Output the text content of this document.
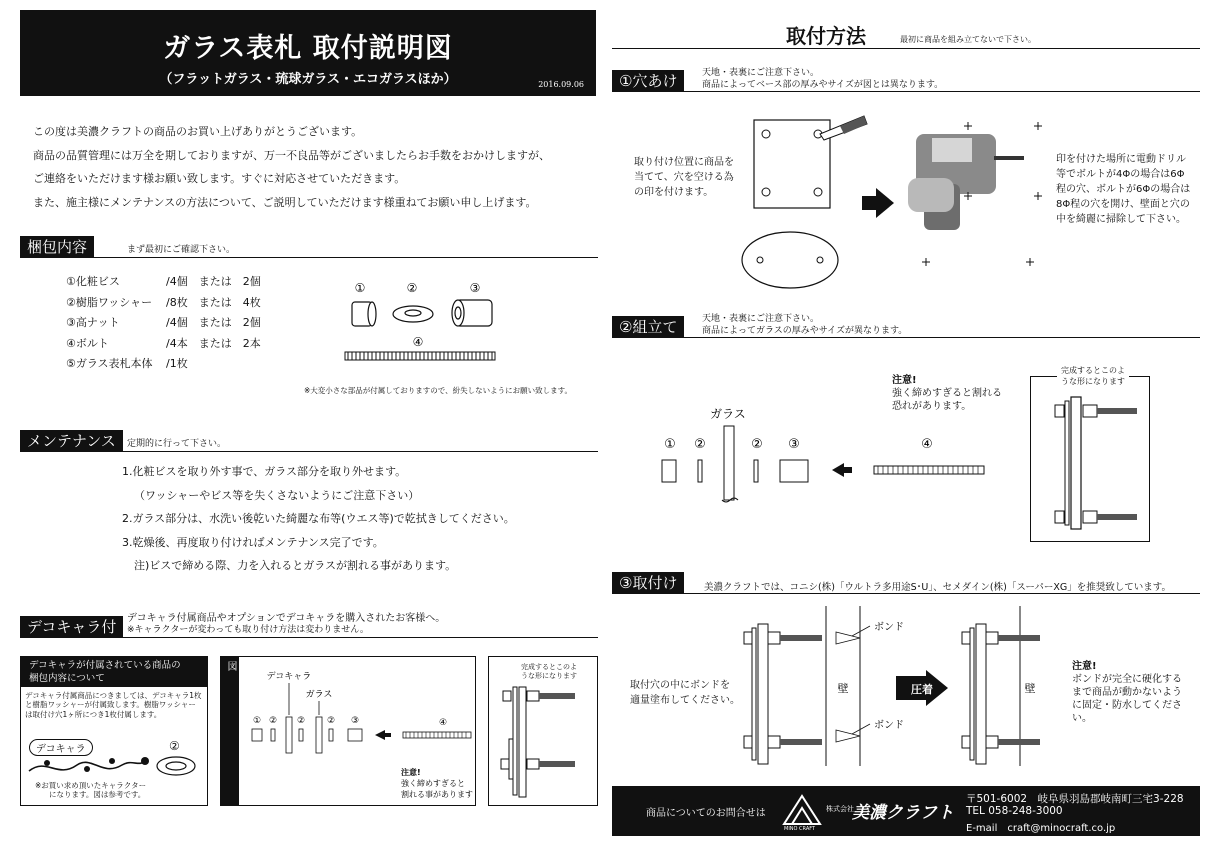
ガラス表札 取付説明図
（フラットガラス・琉球ガラス・エコガラスほか）	2016.09.06
この度は美濃クラフトの商品のお買い上げありがとうございます。
商品の品質管理には万全を期しておりますが、万一不良品等がございましたらお手数をおかけしますが、
ご連絡をいただけます様お願い致します。すぐに対応させていただきます。
また、施主様にメンテナンスの方法について、ご説明していただけます様重ねてお願い申し上げます。
梱包内容	まず最初にご確認下さい。
①化粧ビス	/4個　または　2個
②樹脂ワッシャー /8枚　または　4枚
③高ナット	/4個　または　2個
④ボルト	/4本　または　2本
⑤ガラス表札本体 /1枚
①	②	③
④
※大変小さな部品が付属しておりますので、紛失しないようにお願い致します。
メンテナンス	定期的に行って下さい。
1.化粧ビスを取り外す事で、ガラス部分を取り外せます。
（ワッシャーやビス等を失くさないようにご注意下さい）
2.ガラス部分は、水洗い後乾いた綺麗な布等(ウエス等)で乾拭きしてください。
3.乾燥後、再度取り付ければメンテナンス完了です。
注)ビスで締める際、力を入れるとガラスが割れる事があります。
デコキャラ付	デコキャラ付属商品やオプションでデコキャラを購入されたお客様へ。
※キャラクターが変わっても取り付け方法は変わりません。
デコキャラが付属されている商品の
梱包内容について
デコキャラ付属商品につきましては、デコキャラ1枚
と樹脂ワッシャーが付属致します。樹脂ワッシャー
は取付け穴1ヶ所につき1枚付属します。
デコキャラ	②
※お買い求め頂いたキャラクター
になります。図は参考です。	デコキャラ付タイプの組み立て図
デコキャラ
ガラス
① ② ② ② ③	④
注意!
強く締めすぎると
割れる事があります
完成するとこのよ
うな形になります
取付方法	最初に商品を組み立てないで下さい。
①穴あけ	天地・表裏にご注意下さい。
商品によってベース部の厚みやサイズが図とは異なります。
取り付け位置に商品を
当てて、穴を空ける為
の印を付けます。
印を付けた場所に電動ドリル
等でボルトが4Φの場合は6Φ
程の穴、ボルトが6Φの場合は
8Φ程の穴を開け、壁面と穴の
中を綺麗に掃除して下さい。
②組立て	天地・表裏にご注意下さい。
商品によってガラスの厚みやサイズが異なります。
注意!
強く締めすぎると割れる
恐れがあります。
ガラス
① ②	② ③	④
完成するとこのよ
うな形になります
③取付け	美濃クラフトでは、コニシ(株)「ウルトラ多用途S･U」、セメダイン(株)「スーパーXG」を推奨致しています。
取付穴の中にボンドを
適量塗布してください。
壁	壁
ボンド
ボンド
圧着
注意!
ボンドが完全に硬化する
まで商品が動かないよう
に固定・防水してくださ
い。
商品についてのお問合せは
MINO CRAFT
株式会社
美濃クラフト
〒501-6002　岐阜県羽島郡岐南町三宅3-228
TEL 058-248-3000
E-mail　craft@minocraft.co.jp
